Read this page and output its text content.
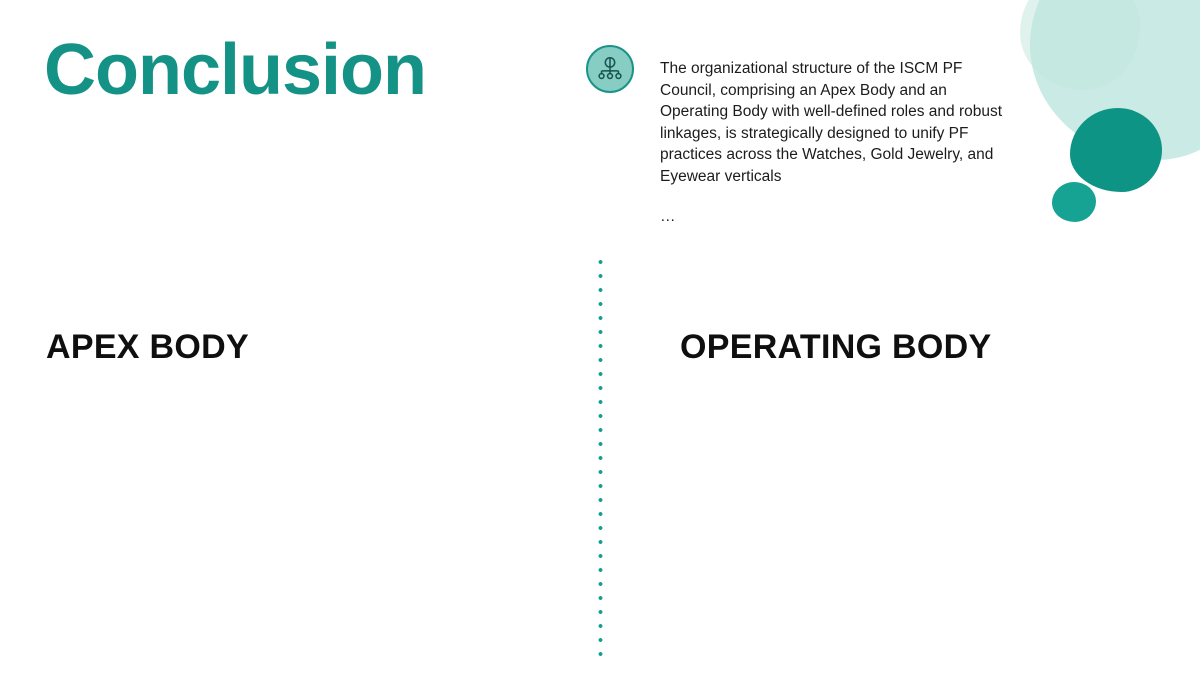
Conclusion	The organizational structure of the ISCM PF Council, comprising an Apex Body and an Operating Body with well-defined roles and robust linkages, is strategically designed to unify PF practices across the Watches, Gold Jewelry, and Eyewear verticals
…
APEX BODY	OPERATING BODY
